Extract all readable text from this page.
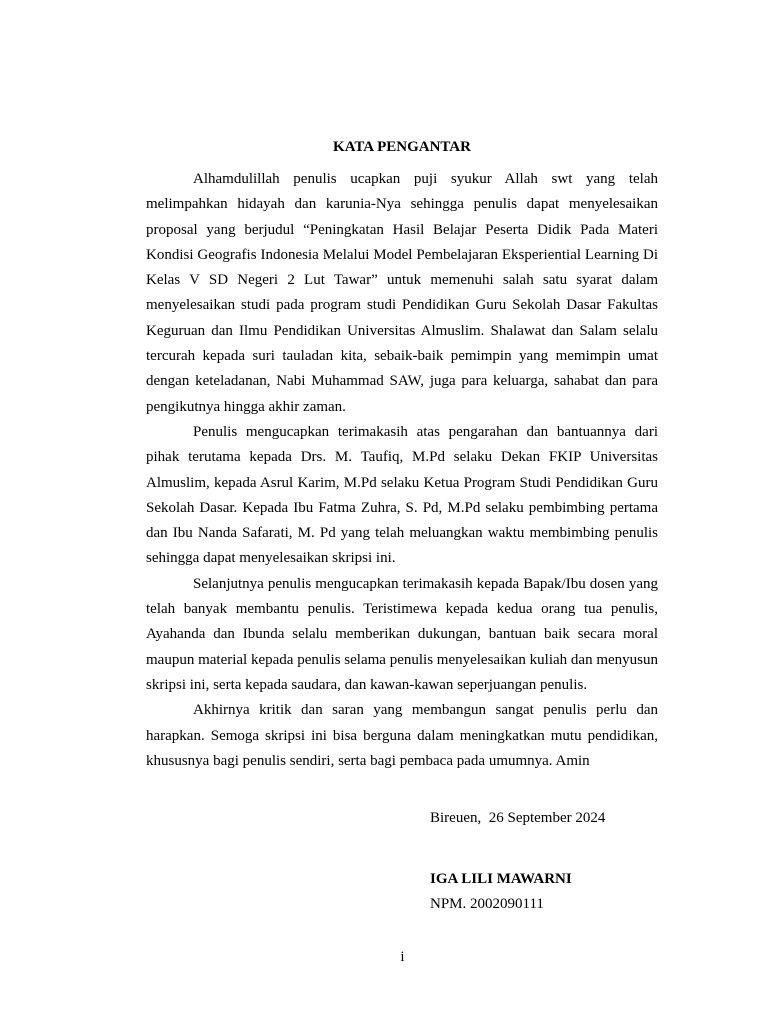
KATA PENGANTAR

Alhamdulillah penulis ucapkan puji syukur Allah swt yang telah melimpahkan hidayah dan karunia-Nya sehingga penulis dapat menyelesaikan proposal yang berjudul “Peningkatan Hasil Belajar Peserta Didik Pada Materi Kondisi Geografis Indonesia Melalui Model Pembelajaran Eksperiential Learning Di Kelas V SD Negeri 2 Lut Tawar” untuk memenuhi salah satu syarat dalam menyelesaikan studi pada program studi Pendidikan Guru Sekolah Dasar Fakultas Keguruan dan Ilmu Pendidikan Universitas Almuslim. Shalawat dan Salam selalu tercurah kepada suri tauladan kita, sebaik-baik pemimpin yang memimpin umat dengan keteladanan, Nabi Muhammad SAW, juga para keluarga, sahabat dan para pengikutnya hingga akhir zaman.

Penulis mengucapkan terimakasih atas pengarahan dan bantuannya dari pihak terutama kepada Drs. M. Taufiq, M.Pd selaku Dekan FKIP Universitas Almuslim, kepada Asrul Karim, M.Pd selaku Ketua Program Studi Pendidikan Guru Sekolah Dasar. Kepada Ibu Fatma Zuhra, S. Pd, M.Pd selaku pembimbing pertama dan Ibu Nanda Safarati, M. Pd yang telah meluangkan waktu membimbing penulis sehingga dapat menyelesaikan skripsi ini.

Selanjutnya penulis mengucapkan terimakasih kepada Bapak/Ibu dosen yang telah banyak membantu penulis. Teristimewa kepada kedua orang tua penulis, Ayahanda dan Ibunda selalu memberikan dukungan, bantuan baik secara moral maupun material kepada penulis selama penulis menyelesaikan kuliah dan menyusun skripsi ini, serta kepada saudara, dan kawan-kawan seperjuangan penulis.

Akhirnya kritik dan saran yang membangun sangat penulis perlu dan harapkan. Semoga skripsi ini bisa berguna dalam meningkatkan mutu pendidikan, khususnya bagi penulis sendiri, serta bagi pembaca pada umumnya. Amin

Bireuen,  26 September 2024

IGA LILI MAWARNI

NPM. 2002090111

i
